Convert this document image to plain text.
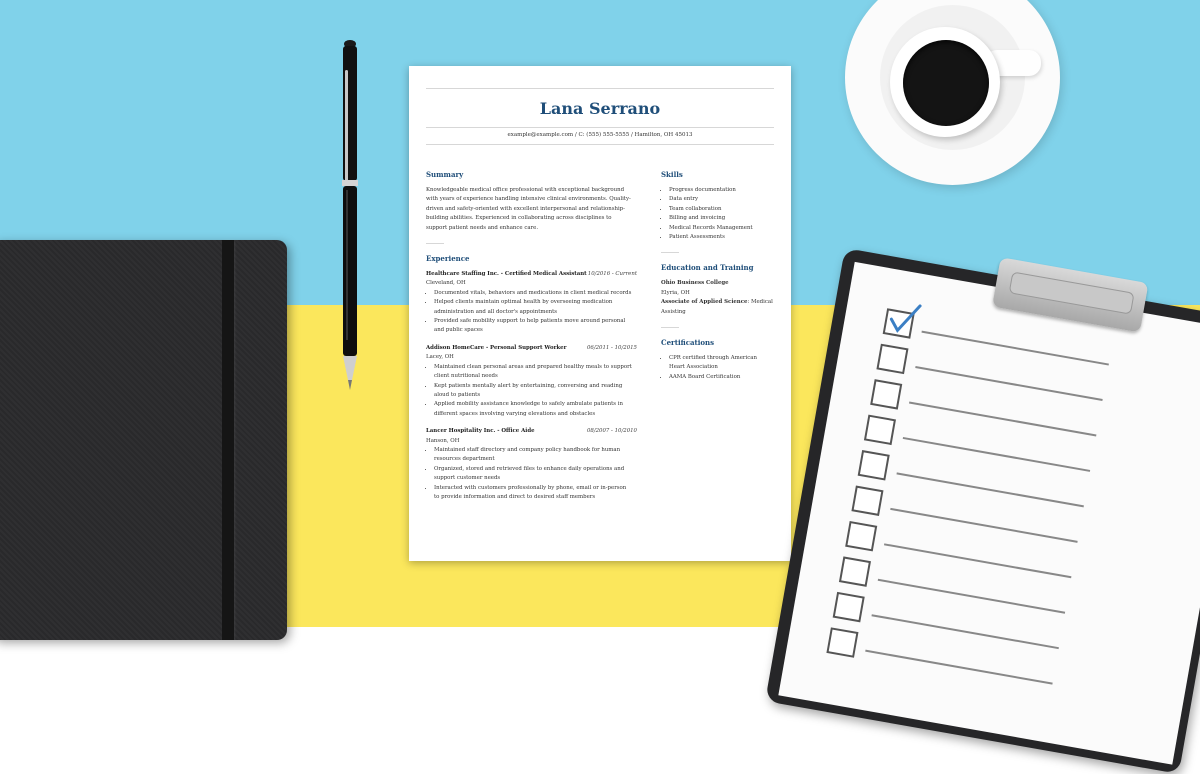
Lana Serrano
example@example.com / C: (555) 555-5555 / Hamilton, OH 45013
Summary

Knowledgeable medical office professional with exceptional background
with years of experience handling intensive clinical environments. Quality-
driven and safety-oriented with excellent interpersonal and relationship-
building abilities. Experienced in collaborating across disciplines to
support patient needs and enhance care.

Experience
Healthcare Staffing Inc. - Certified Medical Assistant 10/2016 - Current
Cleveland, OH
• Documented vitals, behaviors and medications in client medical records
• Helped clients maintain optimal health by overseeing medication
administration and all doctor's appointments
• Provided safe mobility support to help patients move around personal
and public spaces
Addison HomeCare - Personal Support Worker	06/2011 - 10/2015
Lacey, OH
• Maintained clean personal areas and prepared healthy meals to support
client nutritional needs
• Kept patients mentally alert by entertaining, conversing and reading
aloud to patients
• Applied mobility assistance knowledge to safely ambulate patients in
different spaces involving varying elevations and obstacles
Lancer Hospitality Inc. - Office Aide	08/2007 - 10/2010
Hanson, OH
• Maintained staff directory and company policy handbook for human
resources department
• Organized, stored and retrieved files to enhance daily operations and
support customer needs
• Interacted with customers professionally by phone, email or in-person
to provide information and direct to desired staff members
Skills
• Progress documentation
• Data entry
• Team collaboration
• Billing and invoicing
• Medical Records Management
• Patient Assessments
Education and Training
Ohio Business College
Elyria, OH
Associate of Applied Science: Medical
Assisting
Certifications
• CPR certified through American
Heart Association
• AAMA Board Certification
